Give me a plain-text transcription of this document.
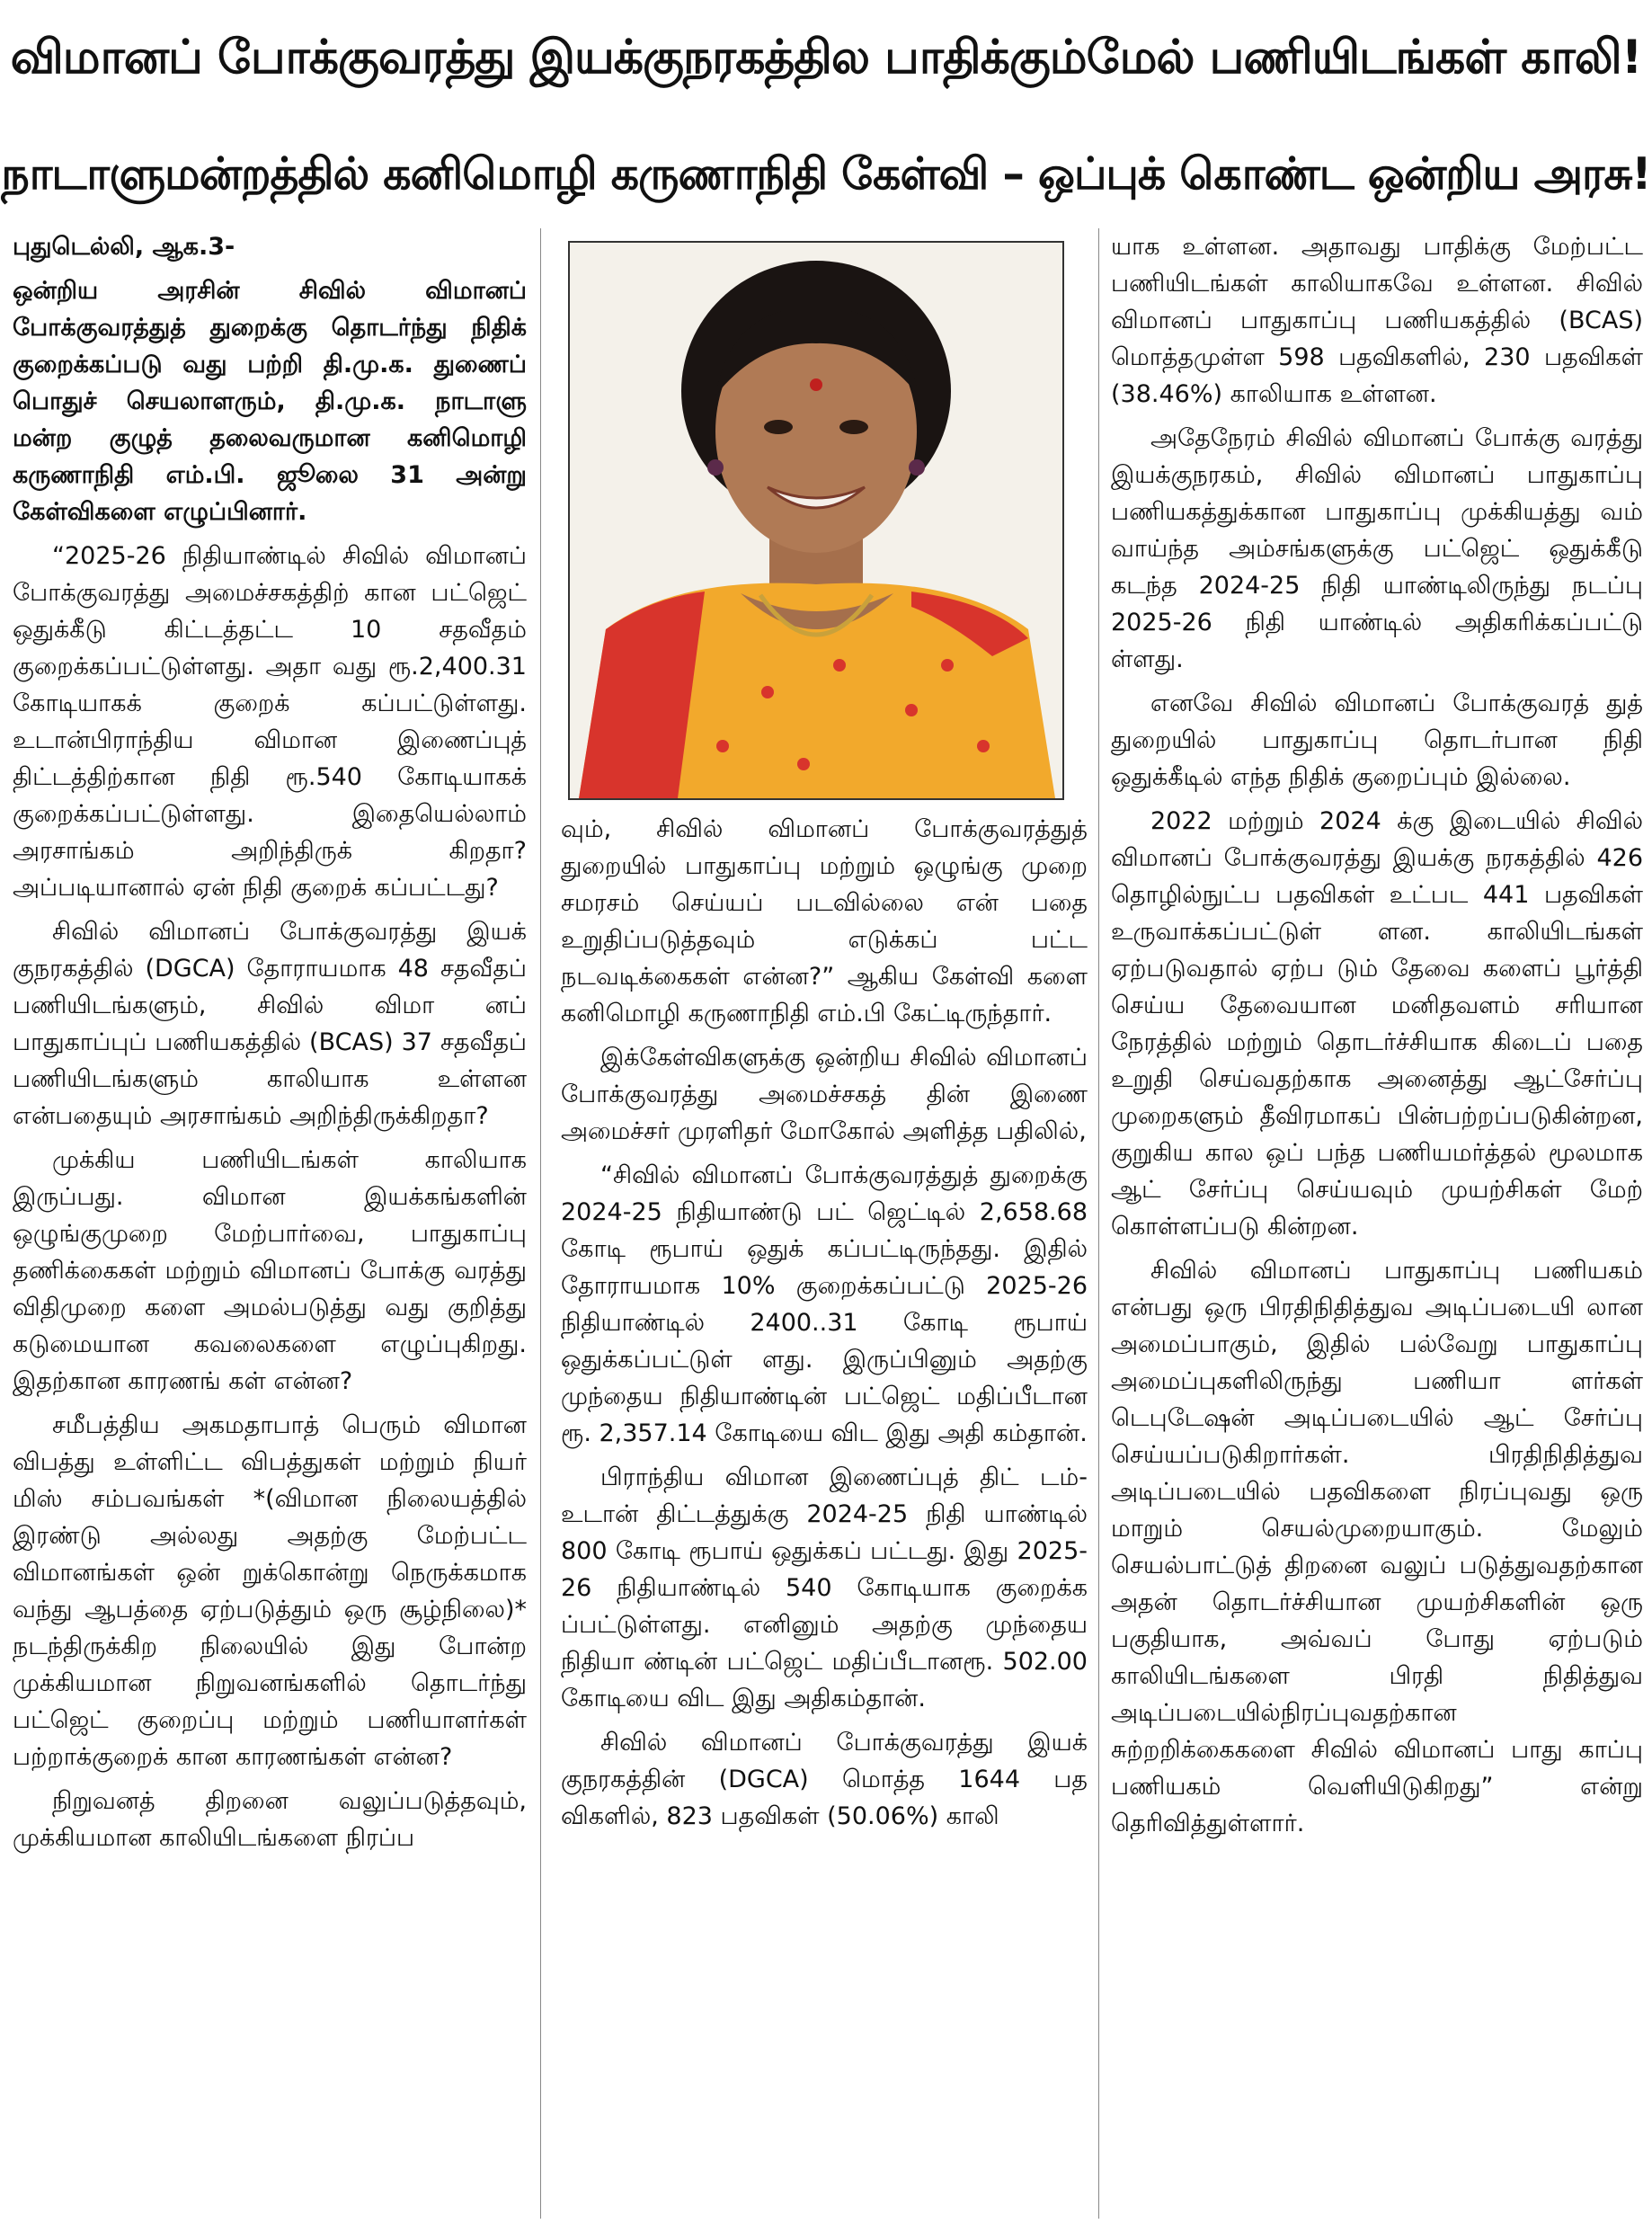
விமானப் போக்குவரத்து இயக்குநரகத்தில பாதிக்கும்மேல் பணியிடங்கள் காலி!
நாடாளுமன்றத்தில் கனிமொழி கருணாநிதி கேள்வி – ஒப்புக் கொண்ட ஒன்றிய அரசு!

புதுடெல்லி, ஆக.3-

ஒன்றிய அரசின் சிவில் விமானப் போக்குவரத்துத் துறைக்கு தொடர்ந்து நிதிக் குறைக்கப்படு வது பற்றி தி.மு.க. துணைப் பொதுச் செயலாளரும், தி.மு.க. நாடாளு மன்ற குழுத் தலைவருமான கனிமொழி கருணாநிதி எம்.பி. ஜூலை 31 அன்று கேள்விகளை எழுப்பினார்.

“2025-26 நிதியாண்டில் சிவில் விமானப் போக்குவரத்து அமைச்சகத்திற் கான பட்ஜெட் ஒதுக்கீடு கிட்டத்தட்ட 10 சதவீதம் குறைக்கப்பட்டுள்ளது. அதா வது ரூ.2,400.31 கோடியாகக் குறைக் கப்பட்டுள்ளது. உடான்பிராந்திய விமான இணைப்புத் திட்டத்திற்கான நிதி ரூ.540 கோடியாகக் குறைக்கப்பட்டுள்ளது. இதையெல்லாம் அரசாங்கம் அறிந்திருக் கிறதா? அப்படியானால் ஏன் நிதி குறைக் கப்பட்டது?

சிவில் விமானப் போக்குவரத்து இயக் குநரகத்தில் (DGCA) தோராயமாக 48 சதவீதப் பணியிடங்களும், சிவில் விமா னப் பாதுகாப்புப் பணியகத்தில் (BCAS) 37 சதவீதப் பணியிடங்களும் காலியாக உள்ளன என்பதையும் அரசாங்கம் அறிந்திருக்கிறதா?

முக்கிய பணியிடங்கள் காலியாக இருப்பது. விமான இயக்கங்களின் ஒழுங்குமுறை மேற்பார்வை, பாதுகாப்பு தணிக்கைகள் மற்றும் விமானப் போக்கு வரத்து விதிமுறை களை அமல்படுத்து வது குறித்து கடுமையான கவலைகளை எழுப்புகிறது. இதற்கான காரணங் கள் என்ன?

சமீபத்திய அகமதாபாத் பெரும் விமான விபத்து உள்ளிட்ட விபத்துகள் மற்றும் நியர் மிஸ் சம்பவங்கள் *(விமான நிலையத்தில் இரண்டு அல்லது அதற்கு மேற்பட்ட விமானங்கள் ஒன் றுக்கொன்று நெருக்கமாக வந்து ஆபத்தை ஏற்படுத்தும் ஒரு சூழ்நிலை)* நடந்திருக்கிற நிலையில் இது போன்ற முக்கியமான நிறுவனங்களில் தொடர்ந்து பட்ஜெட் குறைப்பு மற்றும் பணியாளர்கள் பற்றாக்குறைக் கான காரணங்கள் என்ன?

நிறுவனத் திறனை வலுப்படுத்தவும், முக்கியமான காலியிடங்களை நிரப்ப

வும், சிவில் விமானப் போக்குவரத்துத் துறையில் பாதுகாப்பு மற்றும் ஒழுங்கு முறை சமரசம் செய்யப் படவில்லை என் பதை உறுதிப்படுத்தவும் எடுக்கப் பட்ட நடவடிக்கைகள் என்ன?” ஆகிய கேள்வி களை கனிமொழி கருணாநிதி எம்.பி கேட்டிருந்தார்.

இக்கேள்விகளுக்கு ஒன்றிய சிவில் விமானப் போக்குவரத்து அமைச்சகத் தின் இணை அமைச்சர் முரளிதர் மோகோல் அளித்த பதிலில்,

“சிவில் விமானப் போக்குவரத்துத் துறைக்கு 2024-25 நிதியாண்டு பட் ஜெட்டில் 2,658.68 கோடி ரூபாய் ஒதுக் கப்பட்டிருந்தது. இதில் தோராயமாக 10% குறைக்கப்பட்டு 2025-26 நிதியாண்டில் 2400..31 கோடி ரூபாய் ஒதுக்கப்பட்டுள் ளது. இருப்பினும் அதற்கு முந்தைய நிதியாண்டின் பட்ஜெட் மதிப்பீடான ரூ. 2,357.14 கோடியை விட இது அதி கம்தான்.

பிராந்திய விமான இணைப்புத் திட் டம்- உடான் திட்டத்துக்கு 2024-25 நிதி யாண்டில் 800 கோடி ரூபாய் ஒதுக்கப் பட்டது. இது 2025-26 நிதியாண்டில் 540 கோடியாக குறைக்க ப்பட்டுள்ளது. எனினும் அதற்கு முந்தைய நிதியா ண்டின் பட்ஜெட் மதிப்பீடானரூ. 502.00 கோடியை விட இது அதிகம்தான்.

சிவில் விமானப் போக்குவரத்து இயக் குநரகத்தின் (DGCA) மொத்த 1644 பத விகளில், 823 பதவிகள் (50.06%) காலி

யாக உள்ளன. அதாவது பாதிக்கு மேற்பட்ட பணியிடங்கள் காலியாகவே உள்ளன. சிவில் விமானப் பாதுகாப்பு பணியகத்தில் (BCAS) மொத்தமுள்ள 598 பதவிகளில், 230 பதவிகள் (38.46%) காலியாக உள்ளன.

அதேநேரம் சிவில் விமானப் போக்கு வரத்து இயக்குநரகம், சிவில் விமானப் பாதுகாப்பு பணியகத்துக்கான பாதுகாப்பு முக்கியத்து வம் வாய்ந்த அம்சங்களுக்கு பட்ஜெட் ஒதுக்கீடு கடந்த 2024-25 நிதி யாண்டிலிருந்து நடப்பு 2025-26 நிதி யாண்டில் அதிகரிக்கப்பட்டு ள்ளது.

எனவே சிவில் விமானப் போக்குவரத் துத் துறையில் பாதுகாப்பு தொடர்பான நிதி ஒதுக்கீடில் எந்த நிதிக் குறைப்பும் இல்லை.

2022 மற்றும் 2024 க்கு இடையில் சிவில் விமானப் போக்குவரத்து இயக்கு நரகத்தில் 426 தொழில்நுட்ப பதவிகள் உட்பட 441 பதவிகள் உருவாக்கப்பட்டுள் ளன. காலியிடங்கள் ஏற்படுவதால் ஏற்ப டும் தேவை களைப் பூர்த்தி செய்ய தேவையான மனிதவளம் சரியான நேரத்தில் மற்றும் தொடர்ச்சியாக கிடைப் பதை உறுதி செய்வதற்காக அனைத்து ஆட்சேர்ப்பு முறைகளும் தீவிரமாகப் பின்பற்றப்படுகின்றன, குறுகிய கால ஒப் பந்த பணியமர்த்தல் மூலமாக ஆட் சேர்ப்பு செய்யவும் முயற்சிகள் மேற் கொள்ளப்படு கின்றன.

சிவில் விமானப் பாதுகாப்பு பணியகம் என்பது ஒரு பிரதிநிதித்துவ அடிப்படையி லான அமைப்பாகும், இதில் பல்வேறு பாதுகாப்பு அமைப்புகளிலிருந்து பணியா ளர்கள் டெபுடேஷன் அடிப்படையில் ஆட் சேர்ப்பு செய்யப்படுகிறார்கள். பிரதிநிதித்துவ அடிப்படையில் பதவிகளை நிரப்புவது ஒரு மாறும் செயல்முறையாகும். மேலும் செயல்பாட்டுத் திறனை வலுப் படுத்துவதற்கான அதன் தொடர்ச்சியான முயற்சிகளின் ஒரு பகுதியாக, அவ்வப் போது ஏற்படும் காலியிடங்களை பிரதி நிதித்துவ அடிப்படையில்நிரப்புவதற்கான சுற்றறிக்கைகளை சிவில் விமானப் பாது காப்பு பணியகம் வெளியிடுகிறது” என்று தெரிவித்துள்ளார்.
